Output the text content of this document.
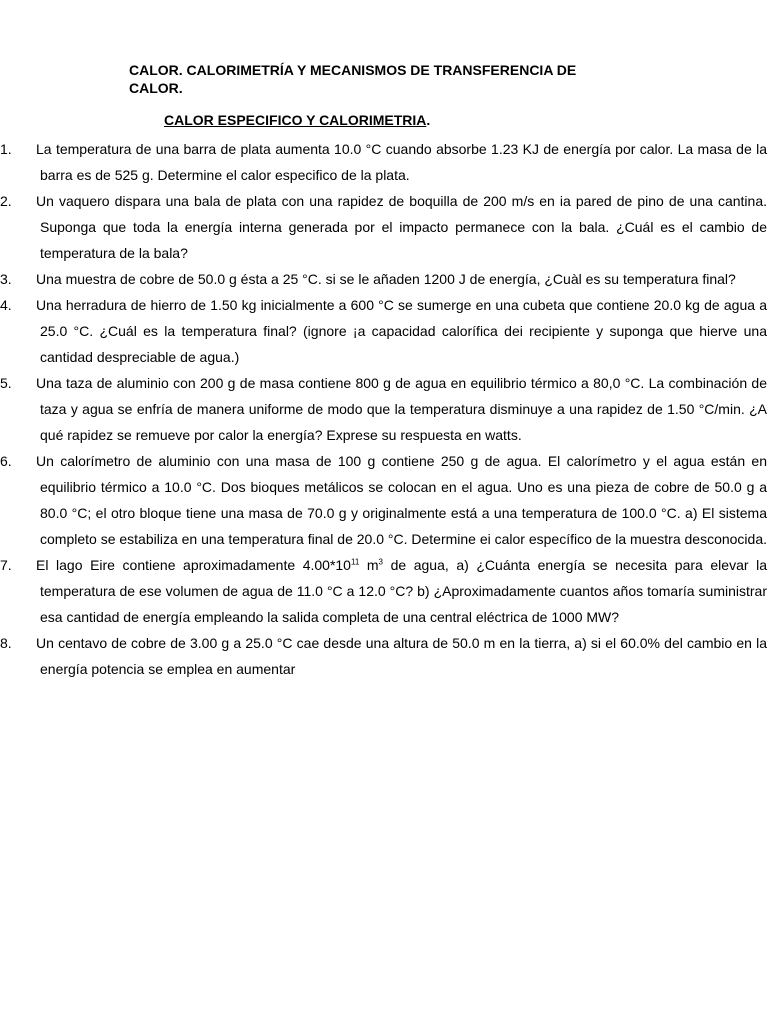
CALOR. CALORIMETRÍA Y MECANISMOS DE TRANSFERENCIA DE CALOR.
CALOR ESPECIFICO Y CALORIMETRIA.
1. La temperatura de una barra de plata aumenta 10.0 °C cuando absorbe 1.23 KJ de energía por calor. La masa de la barra es de 525 g. Determine el calor especifico de la plata.
2. Un vaquero dispara una bala de plata con una rapidez de boquilla de 200 m/s en ia pared de pino de una cantina. Suponga que toda la energía interna generada por el impacto permanece con la bala. ¿Cuál es el cambio de temperatura de la bala?
3. Una muestra de cobre de 50.0 g ésta a 25 °C. si se le añaden 1200 J de energía, ¿Cuàl es su temperatura final?
4. Una herradura de hierro de 1.50 kg inicialmente a 600 °C se sumerge en una cubeta que contiene 20.0 kg de agua a 25.0 °C. ¿Cuál es la temperatura final? (ignore ¡a capacidad calorífica dei recipiente y suponga que hierve una cantidad despreciable de agua.)
5. Una taza de aluminio con 200 g de masa contiene 800 g de agua en equilibrio térmico a 80,0 °C. La combinación de taza y agua se enfría de manera uniforme de modo que la temperatura disminuye a una rapidez de 1.50 °C/min. ¿A qué rapidez se remueve por calor la energía? Exprese su respuesta en watts.
6. Un calorímetro de aluminio con una masa de 100 g contiene 250 g de agua. El calorímetro y el agua están en equilibrio térmico a 10.0 °C. Dos bioques metálicos se colocan en el agua. Uno es una pieza de cobre de 50.0 g a 80.0 °C; el otro bloque tiene una masa de 70.0 g y originalmente está a una temperatura de 100.0 °C. a) El sistema completo se estabiliza en una temperatura final de 20.0 °C. Determine ei calor específico de la muestra desconocida.
7. El lago Eire contiene aproximadamente $4.00*10^{11}$ $m^3$ de agua, a) ¿Cuánta energía se necesita para elevar la temperatura de ese volumen de agua de 11.0 °C a 12.0 °C? b) ¿Aproximadamente cuantos años tomaría suministrar esa cantidad de energía empleando la salida completa de una central eléctrica de 1000 MW?
8. Un centavo de cobre de 3.00 g a 25.0 °C cae desde una altura de 50.0 m en la tierra, a) si el 60.0% del cambio en la energía potencia se emplea en aumentar
